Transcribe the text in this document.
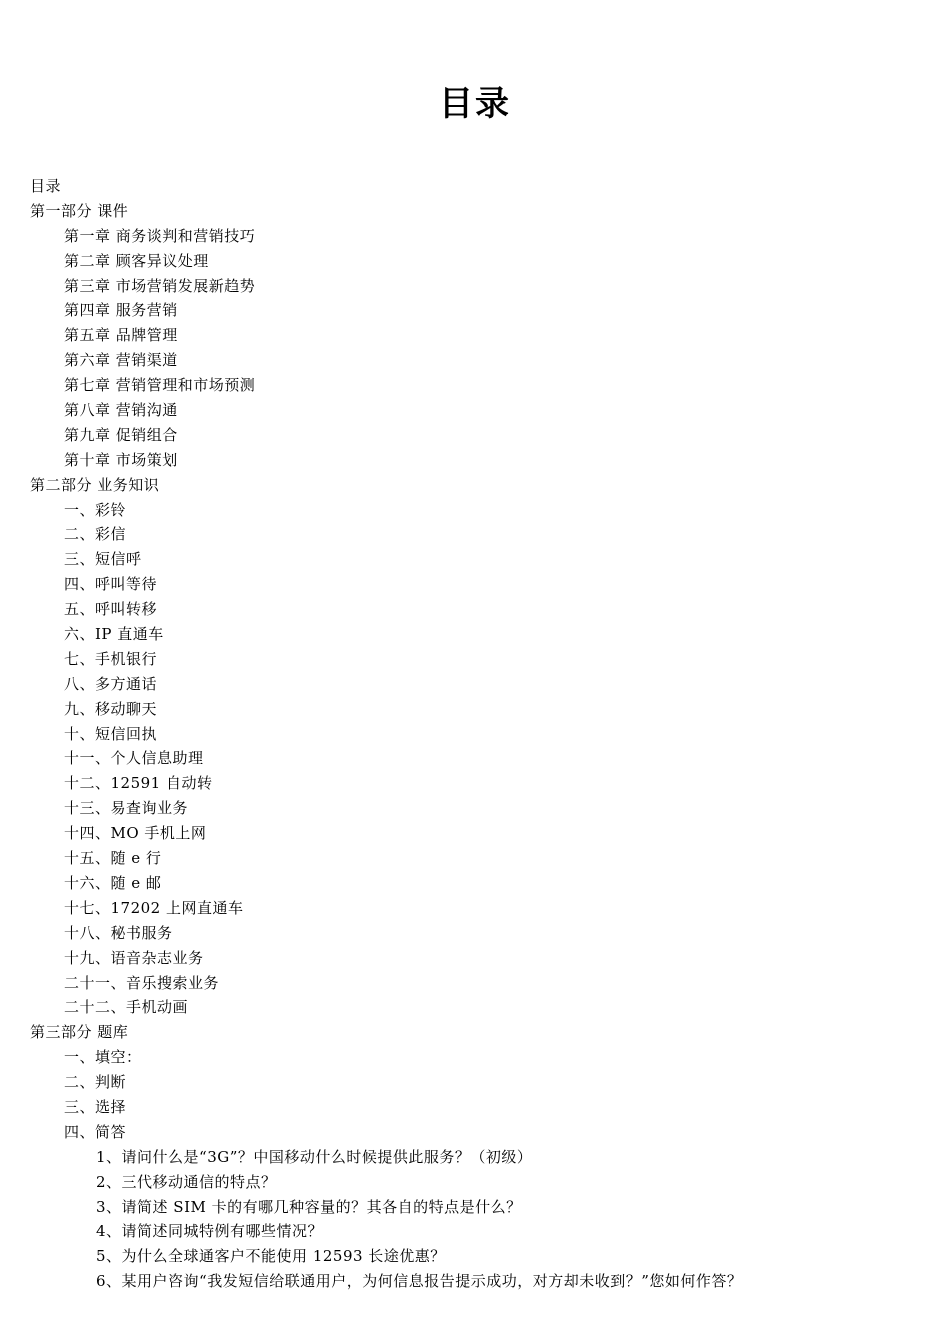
目录
目录
第一部分 课件
第一章 商务谈判和营销技巧
第二章 顾客异议处理
第三章 市场营销发展新趋势
第四章 服务营销
第五章 品牌管理
第六章 营销渠道
第七章 营销管理和市场预测
第八章 营销沟通
第九章 促销组合
第十章 市场策划
第二部分 业务知识
一、彩铃
二、彩信
三、短信呼
四、呼叫等待
五、呼叫转移
六、IP 直通车
七、手机银行
八、多方通话
九、移动聊天
十、短信回执
十一、个人信息助理
十二、12591 自动转
十三、易查询业务
十四、MO 手机上网
十五、随 e 行
十六、随 e 邮
十七、17202 上网直通车
十八、秘书服务
十九、语音杂志业务
二十一、音乐搜索业务
二十二、手机动画
第三部分 题库
一、填空：
二、判断
三、选择
四、简答
1、请问什么是“3G”？中国移动什么时候提供此服务？（初级）
2、三代移动通信的特点？
3、请简述 SIM 卡的有哪几种容量的？其各自的特点是什么？
4、请简述同城特例有哪些情况？
5、为什么全球通客户不能使用 12593 长途优惠？
6、某用户咨询“我发短信给联通用户，为何信息报告提示成功，对方却未收到？”您如何作答？
